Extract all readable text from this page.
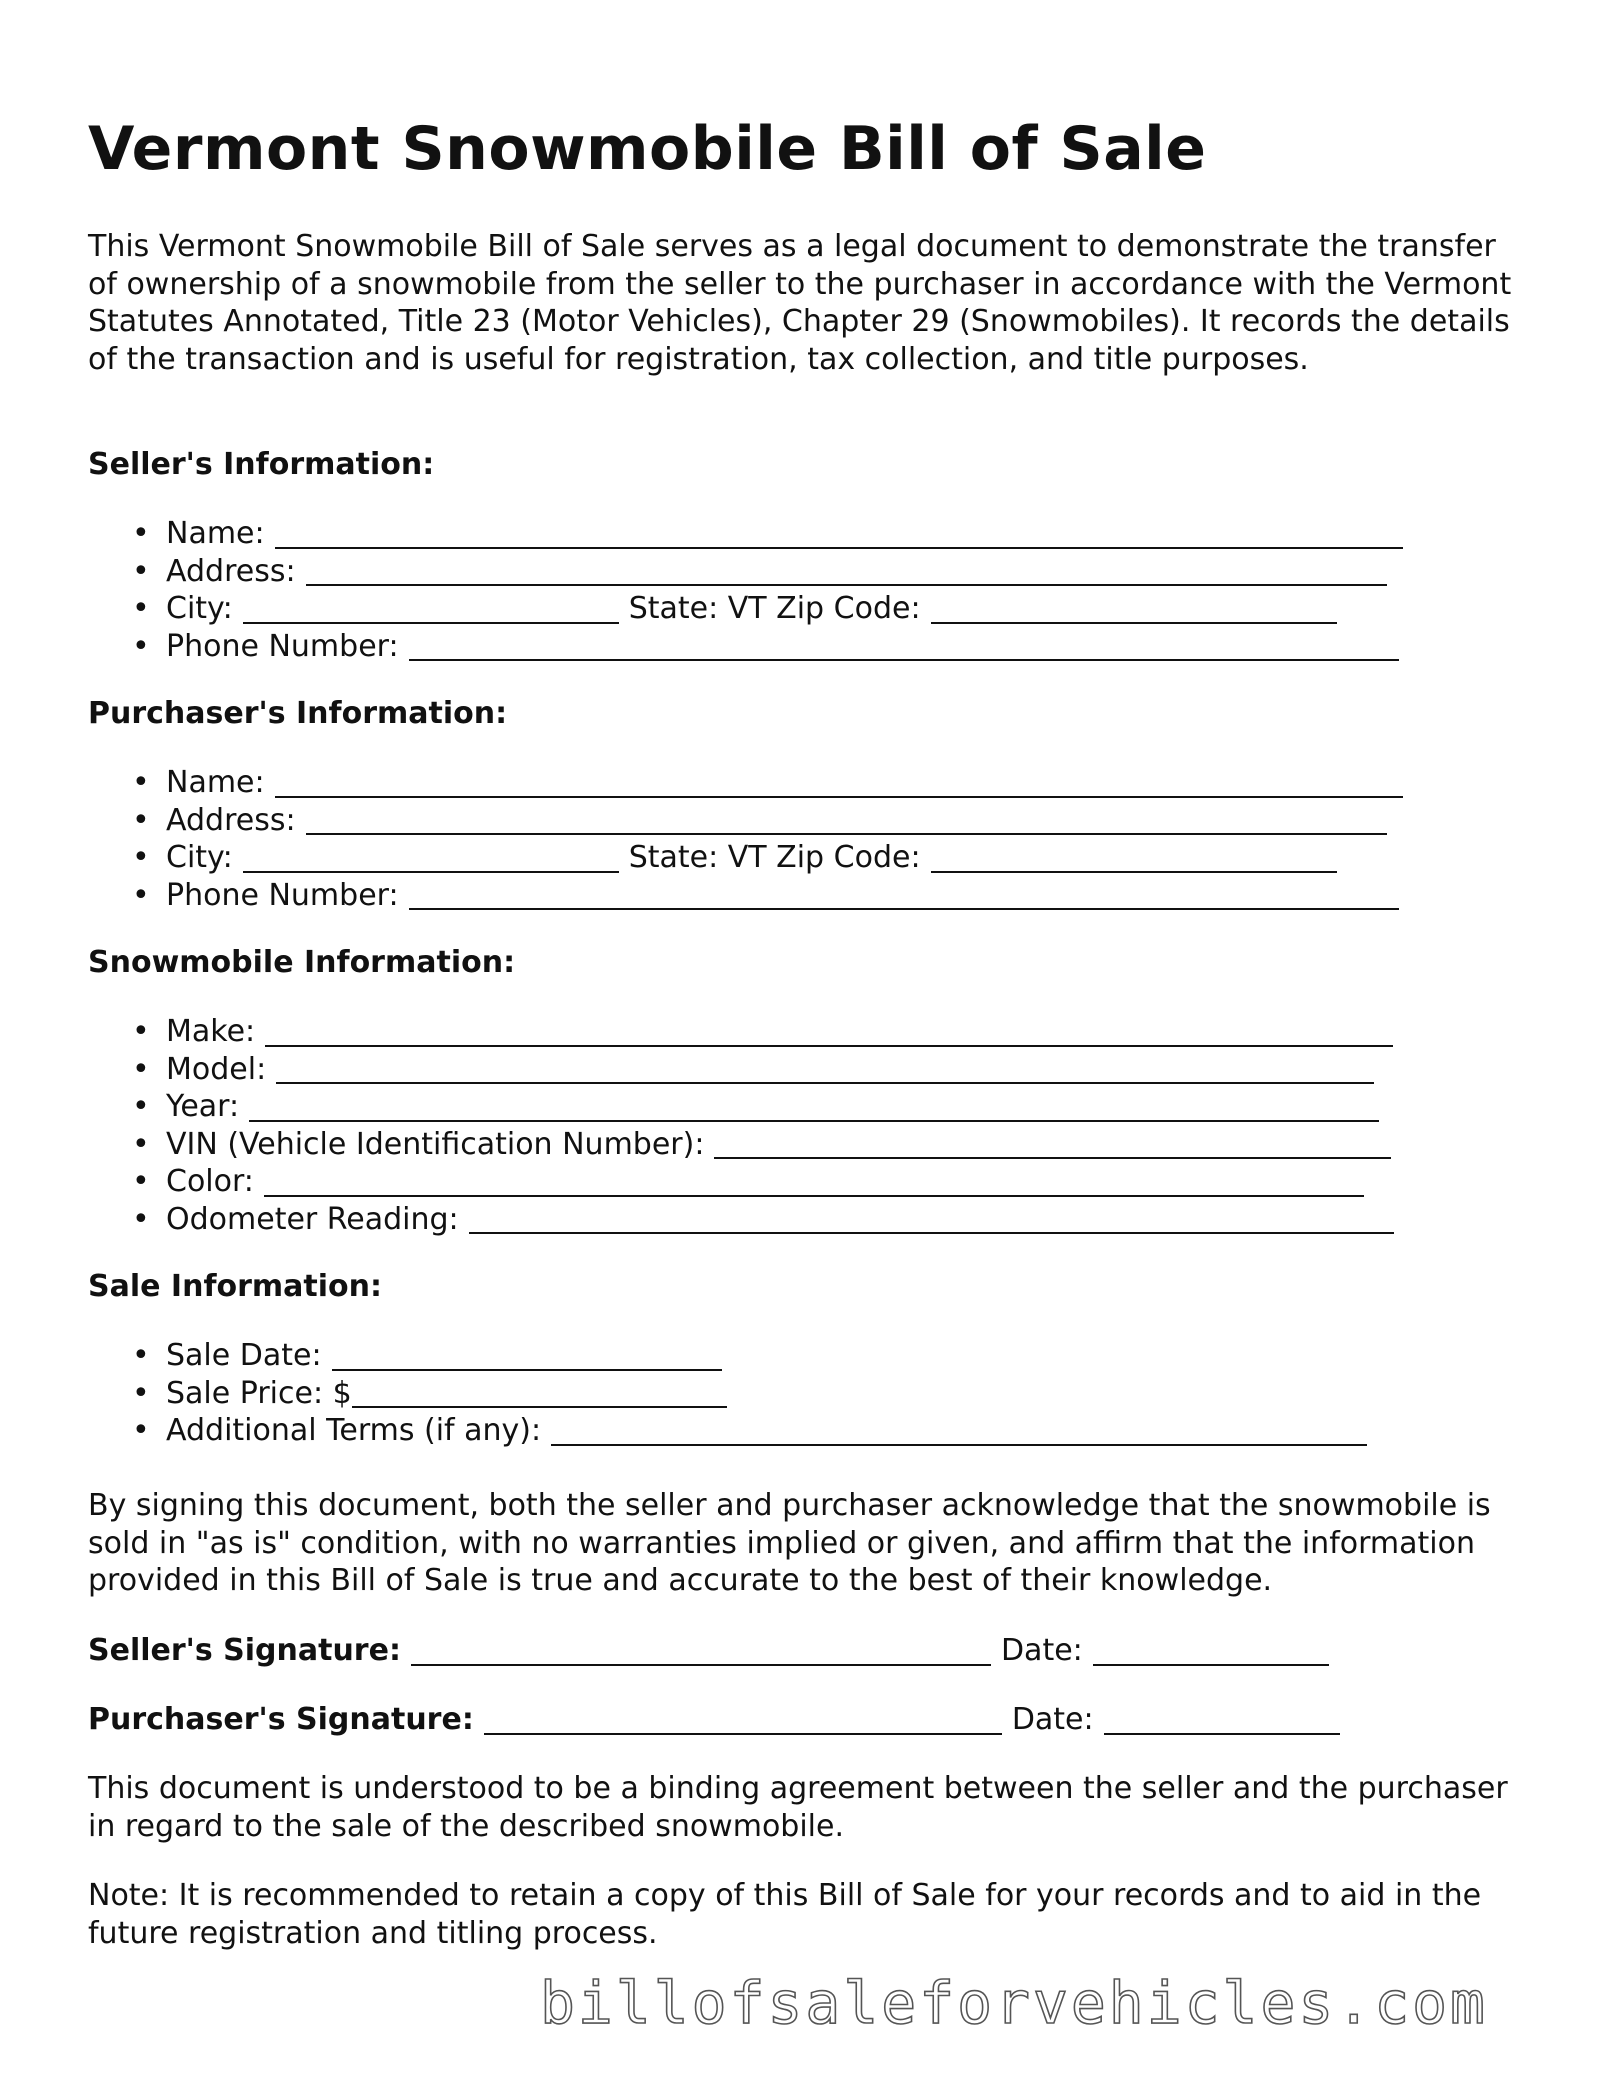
Vermont Snowmobile Bill of Sale

This Vermont Snowmobile Bill of Sale serves as a legal document to demonstrate the transfer of ownership of a snowmobile from the seller to the purchaser in accordance with the Vermont Statutes Annotated, Title 23 (Motor Vehicles), Chapter 29 (Snowmobiles). It records the details of the transaction and is useful for registration, tax collection, and title purposes.

Seller's Information:
• Name:
• Address:
• City:	State: VT Zip Code:
• Phone Number:
Purchaser's Information:
• Name:
• Address:
• City:	State: VT Zip Code:
• Phone Number:
Snowmobile Information:
• Make:
• Model:
• Year:
• VIN (Vehicle Identification Number):
• Color:
• Odometer Reading:
Sale Information:
• Sale Date:
• Sale Price: $
• Additional Terms (if any):

By signing this document, both the seller and purchaser acknowledge that the snowmobile is sold in "as is" condition, with no warranties implied or given, and affirm that the information provided in this Bill of Sale is true and accurate to the best of their knowledge.

Seller's Signature:	Date:
Purchaser's Signature:	Date:

This document is understood to be a binding agreement between the seller and the purchaser in regard to the sale of the described snowmobile.

Note: It is recommended to retain a copy of this Bill of Sale for your records and to aid in the future registration and titling process.

billofsaleforvehicles.com
